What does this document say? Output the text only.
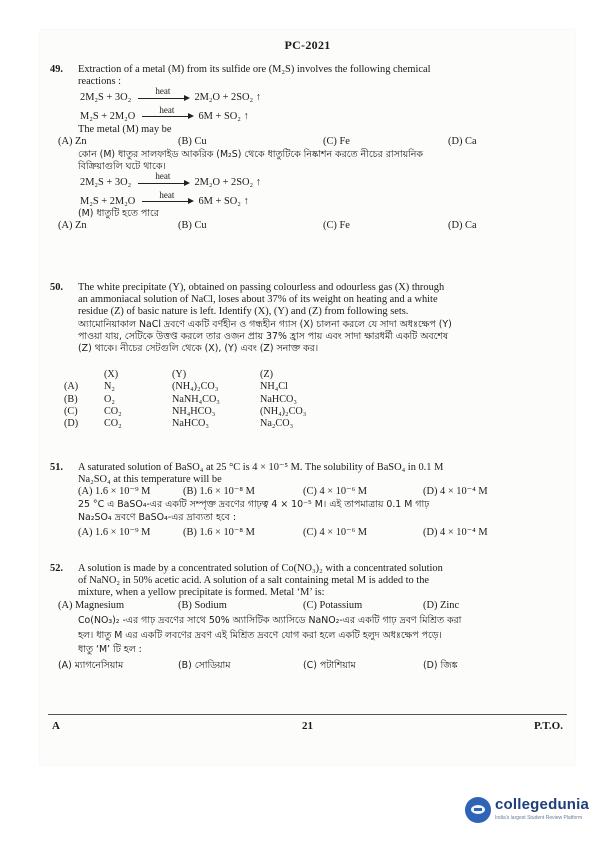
PC-2021
49. Extraction of a metal (M) from its sulfide ore (M₂S) involves the following chemical
reactions :
2M₂S + 3O₂
heat
2M₂O + 2SO₂ ↑
M₂S + 2M₂O
heat
6M + SO₂ ↑
The metal (M) may be
(A) Zn	(B) Cu	(C) Fe	(D) Ca
কোন (M) ধাতুর সালফাইড আকরিক (M₂S) থেকে ধাতুটিকে নিষ্কাশন করতে নীচের রাসায়নিক
বিক্রিয়াগুলি ঘটে থাকে।
2M₂S + 3O₂
heat
2M₂O + 2SO₂ ↑
M₂S + 2M₂O
heat
6M + SO₂ ↑
(M) ধাতুটি হতে পারে
(A) Zn	(B) Cu	(C) Fe	(D) Ca
50. The white precipitate (Y), obtained on passing colourless and odourless gas (X) through
an ammoniacal solution of NaCl, loses about 37% of its weight on heating and a white
residue (Z) of basic nature is left. Identify (X), (Y) and (Z) from following sets.
অ্যামোনিয়াকাল NaCl দ্রবণে একটি বর্ণহীন ও গন্ধহীন গ্যাস (X) চালনা করলে যে সাদা অধঃক্ষেপ (Y)
পাওয়া যায়, সেটিকে উত্তপ্ত করলে তার ওজন প্রায় 37% হ্রাস পায় এবং সাদা ক্ষারধর্মী একটি অবশেষ
(Z) থাকে। নীচের সেটগুলি থেকে (X), (Y) এবং (Z) সনাক্ত কর।
	(X)	(Y)	(Z)
(A)	N₂	(NH₄)₂CO₃	NH₄Cl
(B)	O₂	NaNH₄CO₃	NaHCO₃
(C)	CO₂	NH₄HCO₃	(NH₄)₂CO₃
(D)	CO₂	NaHCO₃	Na₂CO₃
51. A saturated solution of BaSO₄ at 25 °C is 4 × 10⁻⁵ M. The solubility of BaSO₄ in 0.1 M
Na₂SO₄ at this temperature will be
(A) 1.6 × 10⁻⁹ M	(B) 1.6 × 10⁻⁸ M	(C) 4 × 10⁻⁶ M	(D) 4 × 10⁻⁴ M
25 °C এ BaSO₄-এর একটি সম্পৃক্ত দ্রবণের গাঢ়ত্ব 4 × 10⁻⁵ M। এই তাপমাত্রায় 0.1 M গাঢ়
Na₂SO₄ দ্রবণে BaSO₄-এর দ্রাব্যতা হবে :
(A) 1.6 × 10⁻⁹ M	(B) 1.6 × 10⁻⁸ M	(C) 4 × 10⁻⁶ M	(D) 4 × 10⁻⁴ M
52. A solution is made by a concentrated solution of Co(NO₃)₂ with a concentrated solution
of NaNO₂ in 50% acetic acid. A solution of a salt containing metal M is added to the
mixture, when a yellow precipitate is formed. Metal ‘M’ is:
(A) Magnesium	(B) Sodium	(C) Potassium	(D) Zinc
Co(NO₃)₂ -এর গাঢ় দ্রবণের সাথে 50% অ্যাসিটিক অ্যাসিডে NaNO₂-এর একটি গাঢ় দ্রবণ মিশ্রিত করা
হল। ধাতু M এর একটি লবণের দ্রবণ এই মিশ্রিত দ্রবণে যোগ করা হলে একটি হলুদ অধঃক্ষেপ পড়ে।
ধাতু ‘M’ টি হল :
(A) ম্যাগনেসিয়াম	(B) সোডিয়াম	(C) পটাশিয়াম	(D) জিঙ্ক
A	21	P.T.O.
collegedunia
India's largest Student Review Platform
